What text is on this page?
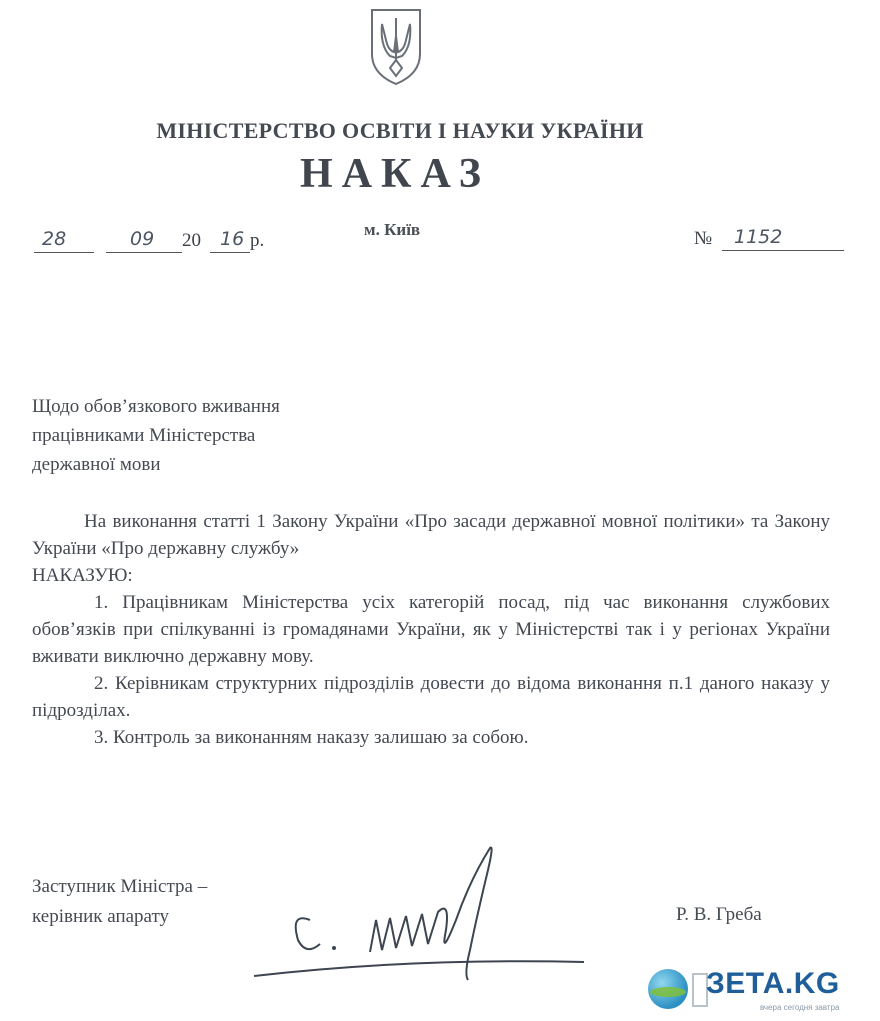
МІНІСТЕРСТВО ОСВІТИ І НАУКИ УКРАЇНИ
НАКАЗ
28	09 20 16 р.
м. Київ	№ 1152
Щодо обов’язкового вживання
працівниками Міністерства
державної мови

На виконання статті 1 Закону України «Про засади державної мовної політики» та Закону України «Про державну службу»

НАКАЗУЮ:

1. Працівникам Міністерства усіх категорій посад, під час виконання службових обов’язків при спілкуванні із громадянами України, як у Міністерстві так і у регіонах України вживати виключно державну мову.

2. Керівникам структурних підрозділів довести до відома виконання п.1 даного наказу у підрозділах.

3. Контроль за виконанням наказу залишаю за собою.

Заступник Міністра –
керівник апарату	Р. В. Греба
ЗЕТА.KG
вчера сегодня завтра
